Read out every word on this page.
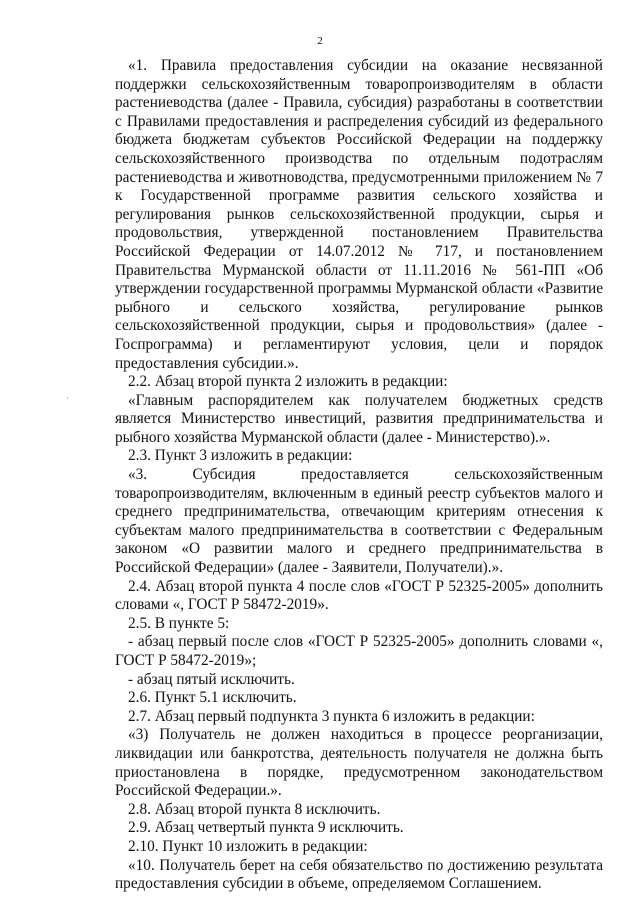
2
·

«1. Правила предоставления субсидии на оказание несвязанной поддержки сельскохозяйственным товаропроизводителям в области растениеводства (далее - Правила, субсидия) разработаны в соответствии с Правилами предоставления и распределения субсидий из федерального бюджета бюджетам субъектов Российской Федерации на поддержку сельскохозяйственного производства по отдельным подотраслям растениеводства и животноводства, предусмотренными приложением № 7 к Государственной программе развития сельского хозяйства и регулирования рынков сельскохозяйственной продукции, сырья и продовольствия, утвержденной постановлением Правительства Российской Федерации от 14.07.2012 № 717, и постановлением Правительства Мурманской области от 11.11.2016 № 561-ПП «Об утверждении государственной программы Мурманской области «Развитие рыбного и сельского хозяйства, регулирование рынков сельскохозяйственной продукции, сырья и продовольствия» (далее - Госпрограмма) и регламентируют условия, цели и порядок предоставления субсидии.».

2.2. Абзац второй пункта 2 изложить в редакции:

«Главным распорядителем как получателем бюджетных средств является Министерство инвестиций, развития предпринимательства и рыбного хозяйства Мурманской области (далее - Министерство).».

2.3. Пункт 3 изложить в редакции:

«3. Субсидия предоставляется сельскохозяйственным товаропроизводителям, включенным в единый реестр субъектов малого и среднего предпринимательства, отвечающим критериям отнесения к субъектам малого предпринимательства в соответствии с Федеральным законом «О развитии малого и среднего предпринимательства в Российской Федерации» (далее - Заявители, Получатели).».

2.4. Абзац второй пункта 4 после слов «ГОСТ Р 52325-2005» дополнить словами «, ГОСТ Р 58472-2019».

2.5. В пункте 5:

- абзац первый после слов «ГОСТ Р 52325-2005» дополнить словами «, ГОСТ Р 58472-2019»;

- абзац пятый исключить.

2.6. Пункт 5.1 исключить.

2.7. Абзац первый подпункта 3 пункта 6 изложить в редакции:

«3) Получатель не должен находиться в процессе реорганизации, ликвидации или банкротства, деятельность получателя не должна быть приостановлена в порядке, предусмотренном законодательством Российской Федерации.».

2.8. Абзац второй пункта 8 исключить.

2.9. Абзац четвертый пункта 9 исключить.

2.10. Пункт 10 изложить в редакции:

«10. Получатель берет на себя обязательство по достижению результата предоставления субсидии в объеме, определяемом Соглашением.
